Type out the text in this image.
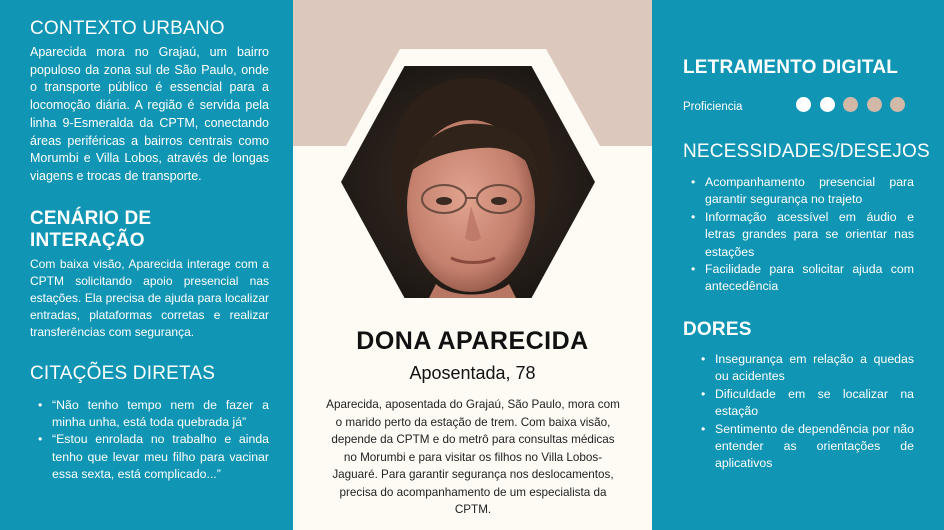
CONTEXTO URBANO

Aparecida mora no Grajaú, um bairro populoso da zona sul de São Paulo, onde o transporte público é essencial para a locomoção diária. A região é servida pela linha 9-Esmeralda da CPTM, conectando áreas periféricas a bairros centrais como Morumbi e Villa Lobos, através de longas viagens e trocas de transporte.

CENÁRIO DE INTERAÇÃO

Com baixa visão, Aparecida interage com a CPTM solicitando apoio presencial nas estações. Ela precisa de ajuda para localizar entradas, plataformas corretas e realizar transferências com segurança.

CITAÇÕES DIRETAS
• “Não tenho tempo nem de fazer a minha unha, está toda quebrada já”
• “Estou enrolada no trabalho e ainda tenho que levar meu filho para vacinar essa sexta, está complicado...”
DONA APARECIDA
Aposentada, 78
Aparecida, aposentada do Grajaú, São Paulo, mora com o marido perto da estação de trem. Com baixa visão, depende da CPTM e do metrô para consultas médicas no Morumbi e para visitar os filhos no Villa Lobos-Jaguaré. Para garantir segurança nos deslocamentos, precisa do acompanhamento de um especialista da CPTM.
LETRAMENTO DIGITAL
Proficiencia
NECESSIDADES/DESEJOS
• Acompanhamento presencial para garantir segurança no trajeto
• Informação acessível em áudio e letras grandes para se orientar nas estações
• Facilidade para solicitar ajuda com antecedência
DORES
• Insegurança em relação a quedas ou acidentes
• Dificuldade em se localizar na estação
• Sentimento de dependência por não entender as orientações de aplicativos
